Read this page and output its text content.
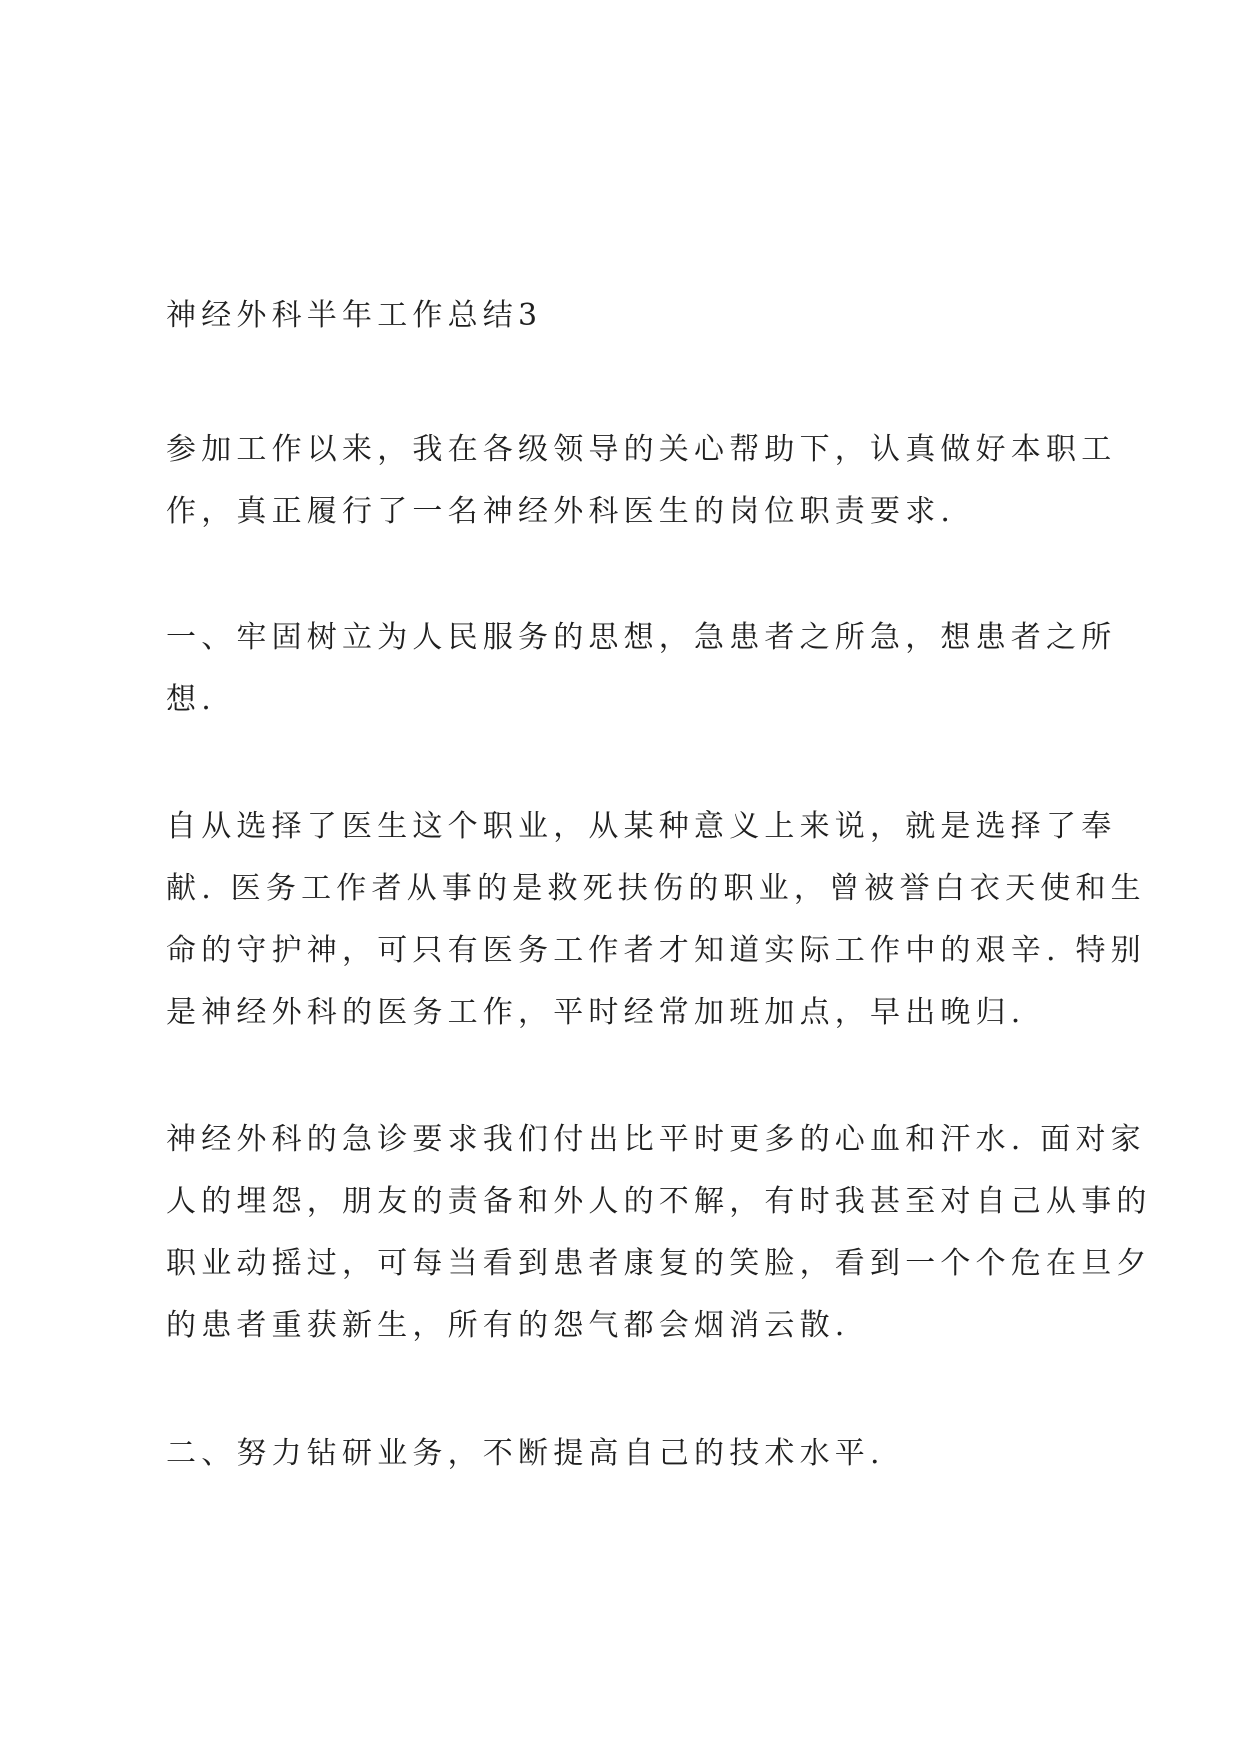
神经外科半年工作总结3

参加工作以来，我在各级领导的关心帮助下，认真做好本职工
作，真正履行了一名神经外科医生的岗位职责要求.

一、牢固树立为人民服务的思想，急患者之所急，想患者之所
想.

自从选择了医生这个职业，从某种意义上来说，就是选择了奉
献. 医务工作者从事的是救死扶伤的职业，曾被誉白衣天使和生
命的守护神，可只有医务工作者才知道实际工作中的艰辛. 特别
是神经外科的医务工作，平时经常加班加点，早出晚归.

神经外科的急诊要求我们付出比平时更多的心血和汗水. 面对家
人的埋怨，朋友的责备和外人的不解，有时我甚至对自己从事的
职业动摇过，可每当看到患者康复的笑脸，看到一个个危在旦夕
的患者重获新生，所有的怨气都会烟消云散.

二、努力钻研业务，不断提高自己的技术水平.
